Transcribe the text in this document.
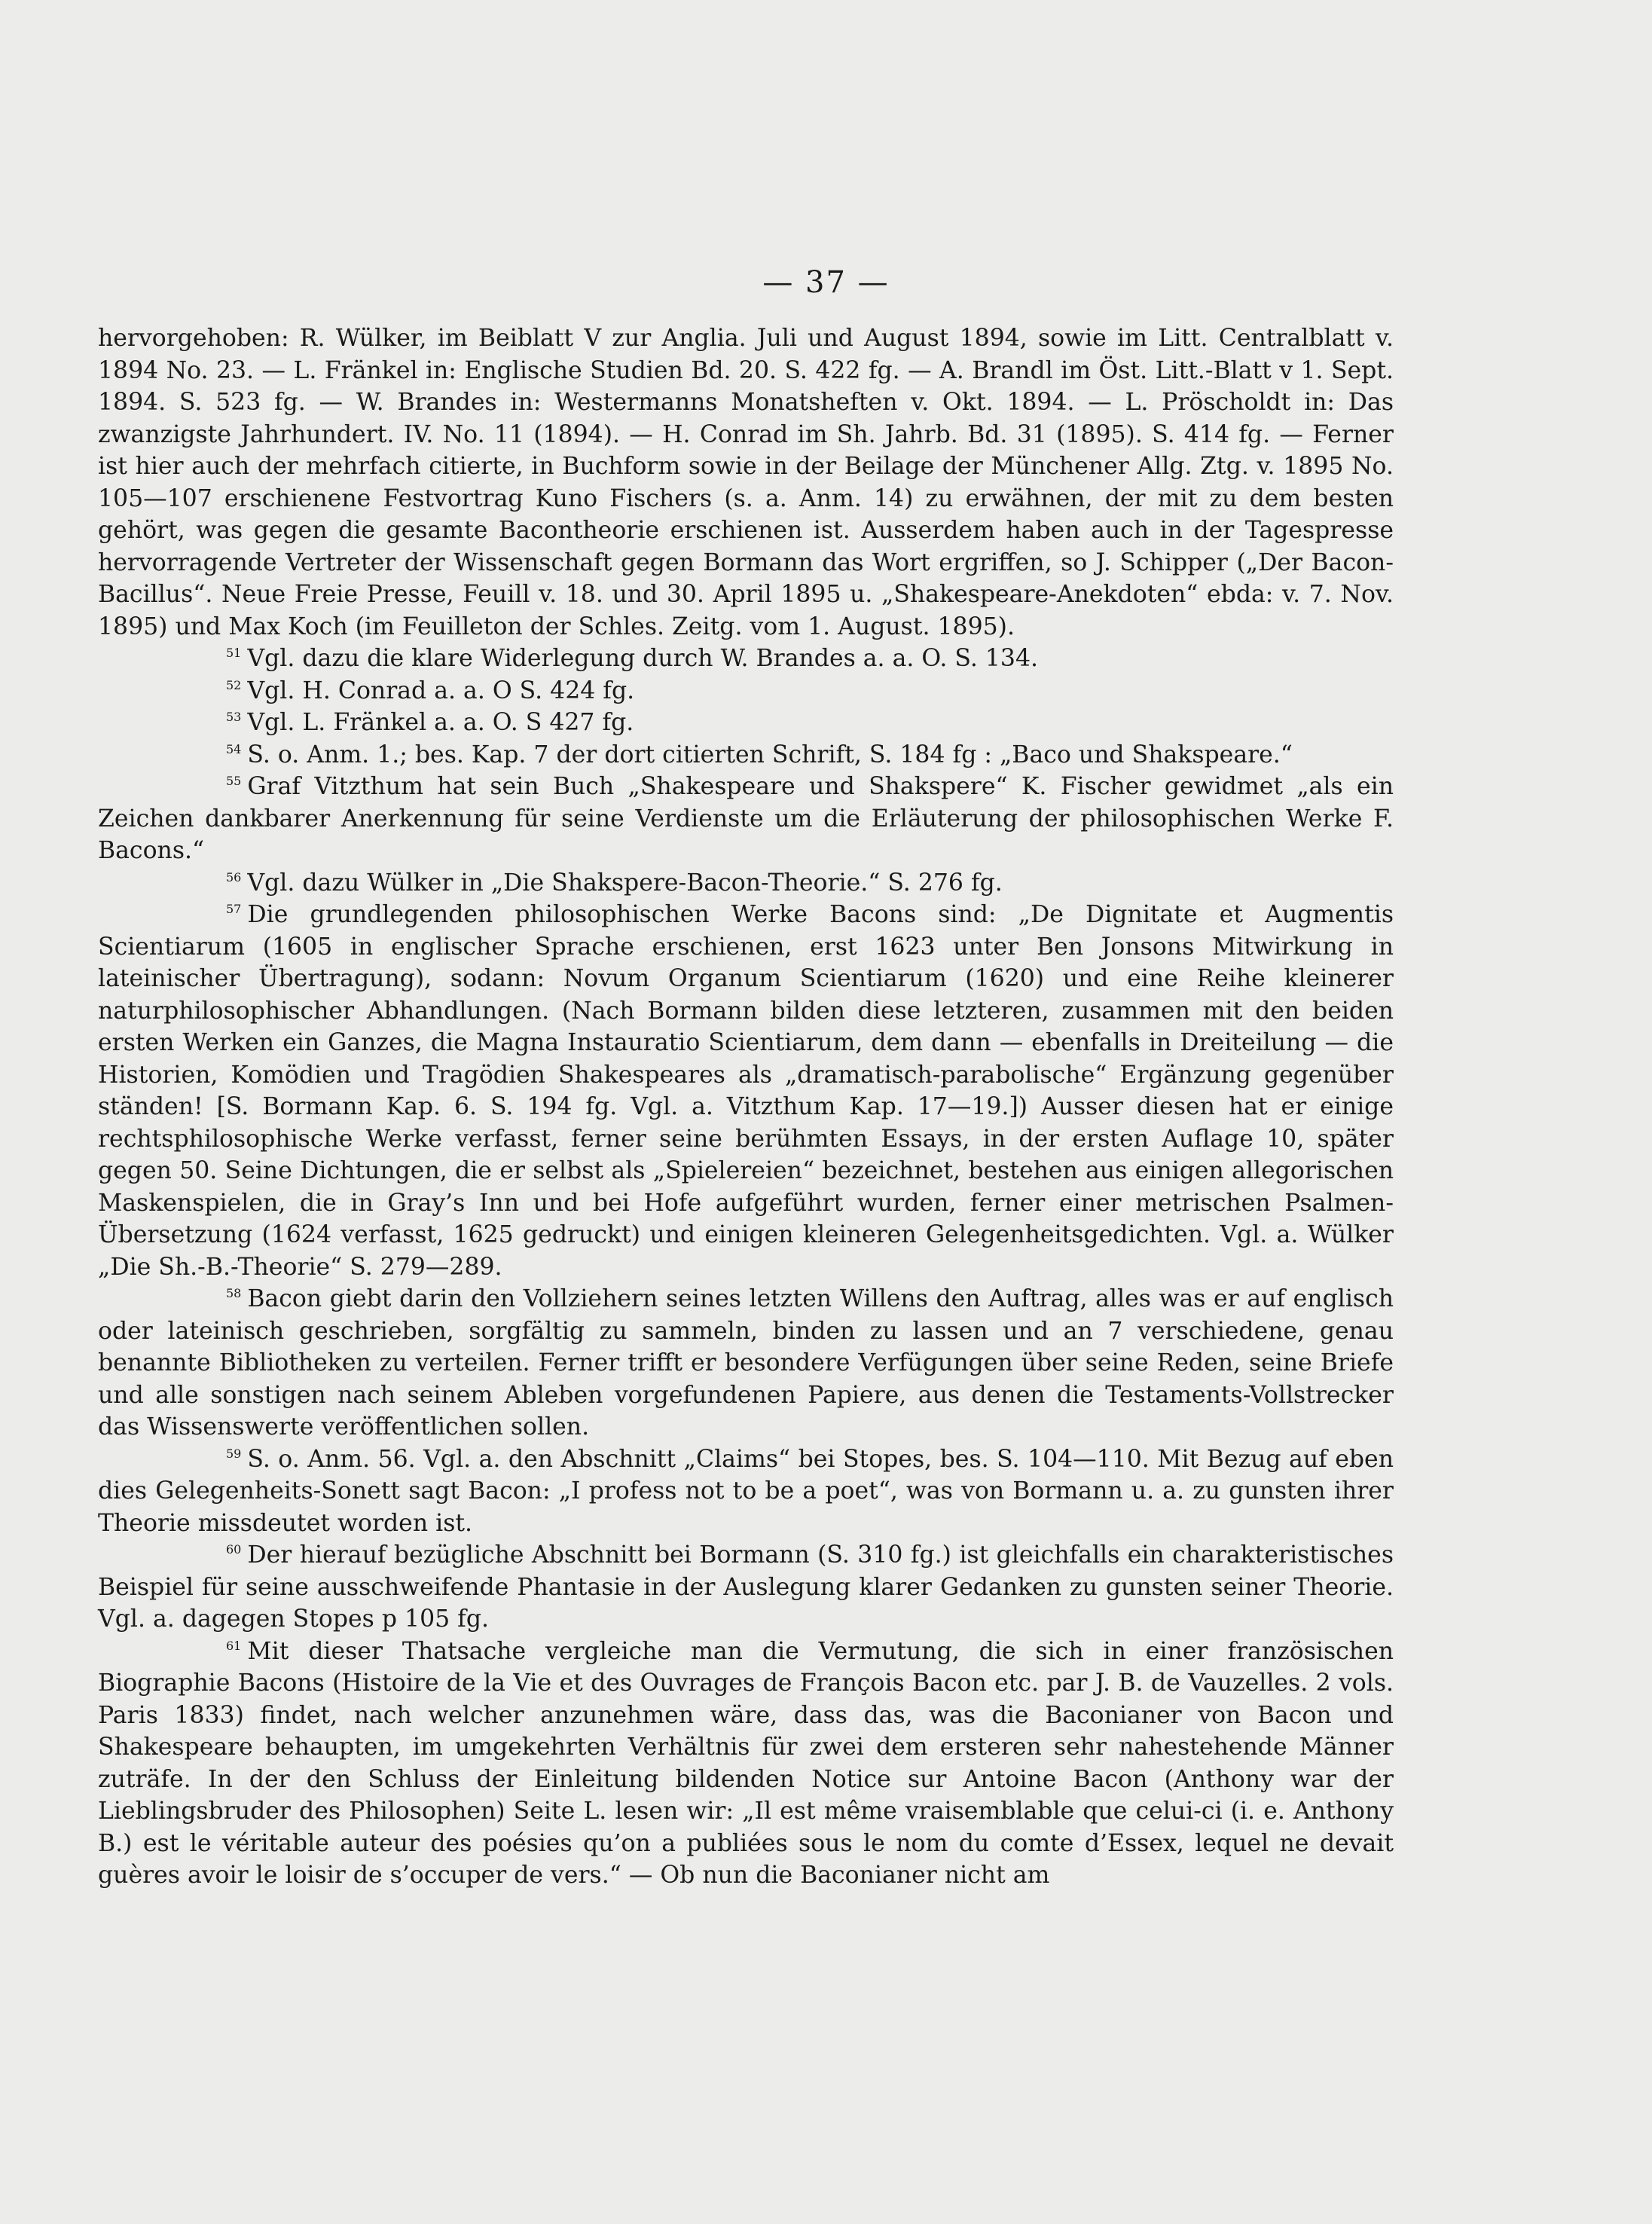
— 37 —

hervorgehoben: R. Wülker, im Beiblatt V zur Anglia. Juli und August 1894, sowie im Litt. Centralblatt v. 1894 No. 23. — L. Fränkel in: Englische Studien Bd. 20. S. 422 fg. — A. Brandl im Öst. Litt.-Blatt v 1. Sept. 1894. S. 523 fg. — W. Brandes in: Westermanns Monatsheften v. Okt. 1894. — L. Pröscholdt in: Das zwanzigste Jahrhundert. IV. No. 11 (1894). — H. Conrad im Sh. Jahrb. Bd. 31 (1895). S. 414 fg. — Ferner ist hier auch der mehrfach citierte, in Buchform sowie in der Beilage der Münchener Allg. Ztg. v. 1895 No. 105—107 erschienene Festvortrag Kuno Fischers (s. a. Anm. 14) zu erwähnen, der mit zu dem besten gehört, was gegen die gesamte Bacontheorie erschienen ist. Ausserdem haben auch in der Tagespresse hervorragende Vertreter der Wissenschaft gegen Bormann das Wort ergriffen, so J. Schipper („Der Bacon-Bacillus“. Neue Freie Presse, Feuill v. 18. und 30. April 1895 u. „Shakespeare-Anekdoten“ ebda: v. 7. Nov. 1895) und Max Koch (im Feuilleton der Schles. Zeitg. vom 1. August. 1895).

$^{51}$ Vgl. dazu die klare Widerlegung durch W. Brandes a. a. O. S. 134.

$^{52}$ Vgl. H. Conrad a. a. O S. 424 fg.

$^{53}$ Vgl. L. Fränkel a. a. O. S 427 fg.

$^{54}$ S. o. Anm. 1.; bes. Kap. 7 der dort citierten Schrift, S. 184 fg : „Baco und Shakspeare.“

$^{55}$ Graf Vitzthum hat sein Buch „Shakespeare und Shakspere“ K. Fischer gewidmet „als ein Zeichen dankbarer Anerkennung für seine Verdienste um die Erläuterung der philosophischen Werke F. Bacons.“

$^{56}$ Vgl. dazu Wülker in „Die Shakspere-Bacon-Theorie.“ S. 276 fg.

$^{57}$ Die grundlegenden philosophischen Werke Bacons sind: „De Dignitate et Augmentis Scientiarum (1605 in englischer Sprache erschienen, erst 1623 unter Ben Jonsons Mitwirkung in lateinischer Übertragung), sodann: Novum Organum Scientiarum (1620) und eine Reihe kleinerer naturphilosophischer Abhandlungen. (Nach Bormann bilden diese letzteren, zusammen mit den beiden ersten Werken ein Ganzes, die Magna Instauratio Scientiarum, dem dann — ebenfalls in Dreiteilung — die Historien, Komödien und Tragödien Shakespeares als „dramatisch-parabolische“ Ergänzung gegenüber ständen! [S. Bormann Kap. 6. S. 194 fg. Vgl. a. Vitzthum Kap. 17—19.]) Ausser diesen hat er einige rechtsphilosophische Werke verfasst, ferner seine berühmten Essays, in der ersten Auflage 10, später gegen 50. Seine Dichtungen, die er selbst als „Spielereien“ bezeichnet, bestehen aus einigen allegorischen Maskenspielen, die in Gray’s Inn und bei Hofe aufgeführt wurden, ferner einer metrischen Psalmen-Übersetzung (1624 verfasst, 1625 gedruckt) und einigen kleineren Gelegenheitsgedichten. Vgl. a. Wülker „Die Sh.-B.-Theorie“ S. 279—289.

$^{58}$ Bacon giebt darin den Vollziehern seines letzten Willens den Auftrag, alles was er auf englisch oder lateinisch geschrieben, sorgfältig zu sammeln, binden zu lassen und an 7 verschiedene, genau benannte Bibliotheken zu verteilen. Ferner trifft er besondere Verfügungen über seine Reden, seine Briefe und alle sonstigen nach seinem Ableben vorgefundenen Papiere, aus denen die Testaments-Vollstrecker das Wissenswerte veröffentlichen sollen.

$^{59}$ S. o. Anm. 56. Vgl. a. den Abschnitt „Claims“ bei Stopes, bes. S. 104—110. Mit Bezug auf eben dies Gelegenheits-Sonett sagt Bacon: „I profess not to be a poet“, was von Bormann u. a. zu gunsten ihrer Theorie missdeutet worden ist.

$^{60}$ Der hierauf bezügliche Abschnitt bei Bormann (S. 310 fg.) ist gleichfalls ein charakteristisches Beispiel für seine ausschweifende Phantasie in der Auslegung klarer Gedanken zu gunsten seiner Theorie. Vgl. a. dagegen Stopes p 105 fg.

$^{61}$ Mit dieser Thatsache vergleiche man die Vermutung, die sich in einer französischen Biographie Bacons (Histoire de la Vie et des Ouvrages de François Bacon etc. par J. B. de Vauzelles. 2 vols. Paris 1833) findet, nach welcher anzunehmen wäre, dass das, was die Baconianer von Bacon und Shakespeare behaupten, im umgekehrten Verhältnis für zwei dem ersteren sehr nahestehende Männer zuträfe. In der den Schluss der Einleitung bildenden Notice sur Antoine Bacon (Anthony war der Lieblingsbruder des Philosophen) Seite L. lesen wir: „Il est même vraisemblable que celui-ci (i. e. Anthony B.) est le véritable auteur des poésies qu’on a publiées sous le nom du comte d’Essex, lequel ne devait guères avoir le loisir de s’occuper de vers.“ — Ob nun die Baconianer nicht am
